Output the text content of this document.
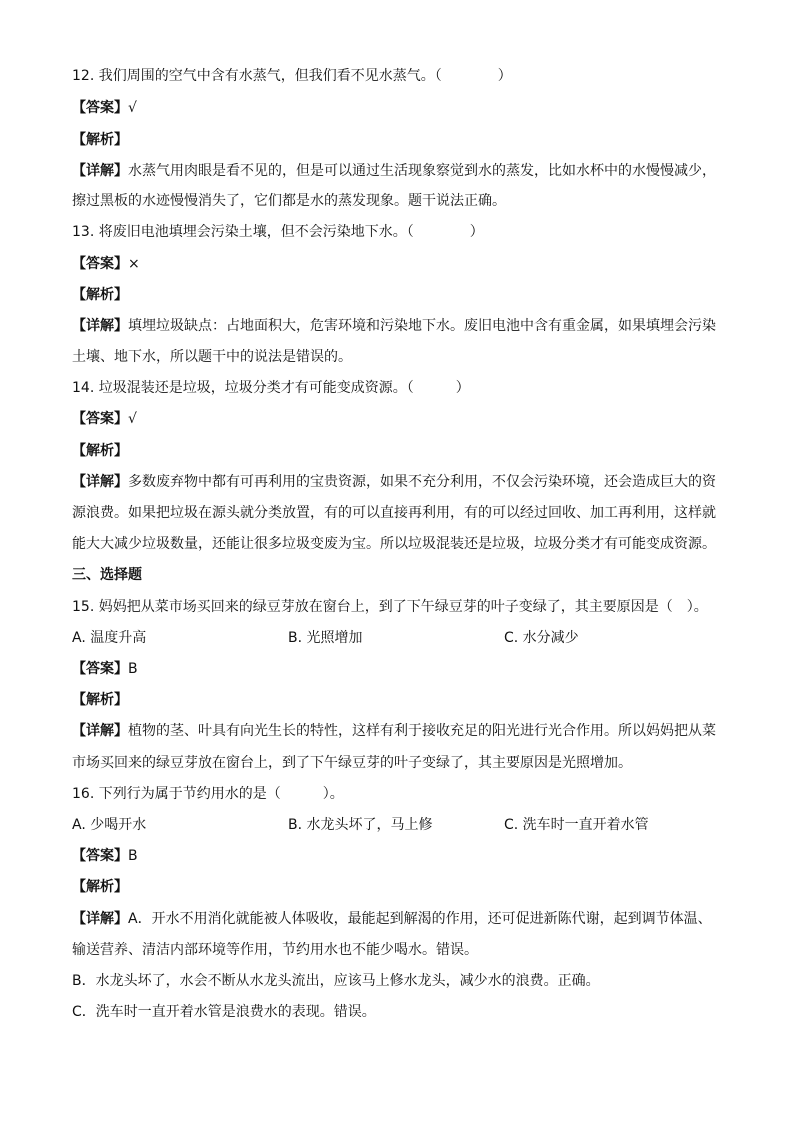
12. 我们周围的空气中含有水蒸气，但我们看不见水蒸气。（　　　　）
【答案】√
【解析】
【详解】水蒸气用肉眼是看不见的，但是可以通过生活现象察觉到水的蒸发，比如水杯中的水慢慢减少，
擦过黑板的水迹慢慢消失了，它们都是水的蒸发现象。题干说法正确。
13. 将废旧电池填埋会污染土壤，但不会污染地下水。（　　　　）
【答案】×
【解析】
【详解】填埋垃圾缺点：占地面积大，危害环境和污染地下水。废旧电池中含有重金属，如果填埋会污染
土壤、地下水，所以题干中的说法是错误的。
14. 垃圾混装还是垃圾，垃圾分类才有可能变成资源。（　　　）
【答案】√
【解析】
【详解】多数废弃物中都有可再利用的宝贵资源，如果不充分利用，不仅会污染环境，还会造成巨大的资
源浪费。如果把垃圾在源头就分类放置，有的可以直接再利用，有的可以经过回收、加工再利用，这样就
能大大减少垃圾数量，还能让很多垃圾变废为宝。所以垃圾混装还是垃圾，垃圾分类才有可能变成资源。
三、选择题
15. 妈妈把从菜市场买回来的绿豆芽放在窗台上，到了下午绿豆芽的叶子变绿了，其主要原因是（　）。
A. 温度升高	B. 光照增加	C. 水分减少
【答案】B
【解析】
【详解】植物的茎、叶具有向光生长的特性，这样有利于接收充足的阳光进行光合作用。所以妈妈把从菜
市场买回来的绿豆芽放在窗台上，到了下午绿豆芽的叶子变绿了，其主要原因是光照增加。
16. 下列行为属于节约用水的是（　　　）。
A. 少喝开水	B. 水龙头坏了，马上修	C. 洗车时一直开着水管
【答案】B
【解析】
【详解】A．开水不用消化就能被人体吸收，最能起到解渴的作用，还可促进新陈代谢，起到调节体温、
输送营养、清洁内部环境等作用，节约用水也不能少喝水。错误。
B．水龙头坏了，水会不断从水龙头流出，应该马上修水龙头，减少水的浪费。正确。
C．洗车时一直开着水管是浪费水的表现。错误。
